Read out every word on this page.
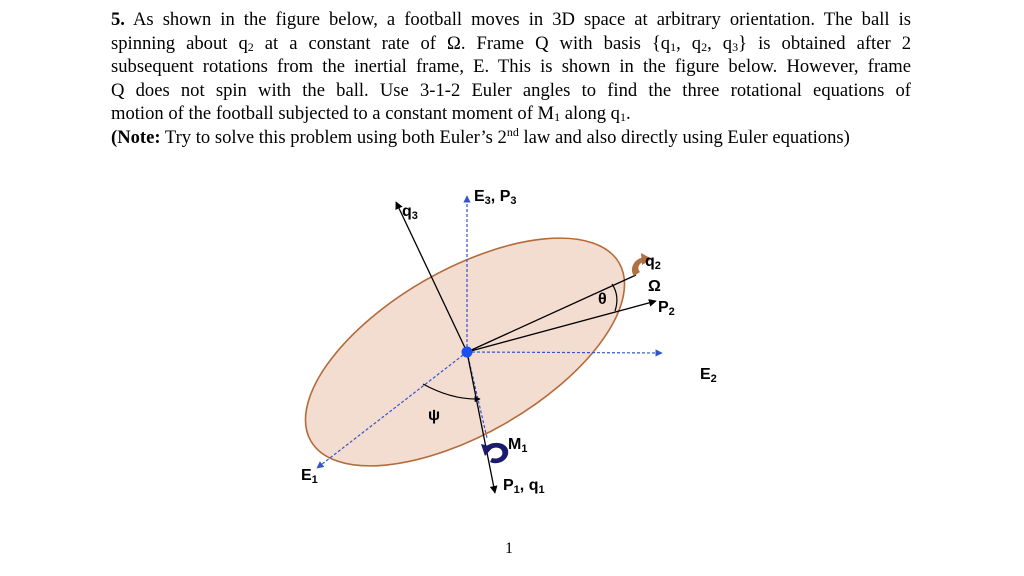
5. As shown in the figure below, a football moves in 3D space at arbitrary orientation. The ball is
spinning about $q_2$ at a constant rate of Ω. Frame Q with basis {$q_1$, $q_2$, $q_3$} is obtained after 2
subsequent rotations from the inertial frame, E. This is shown in the figure below. However, frame
Q does not spin with the ball. Use 3-1-2 Euler angles to find the three rotational equations of
motion of the football subjected to a constant moment of $M_1$ along $q_1$.
(Note: Try to solve this problem using both Euler’s 2nd law and also directly using Euler equations)
q3
E3, P3
q2
Ω
θ	P2
E2
ψ
M1
P1, q1
E1
1
